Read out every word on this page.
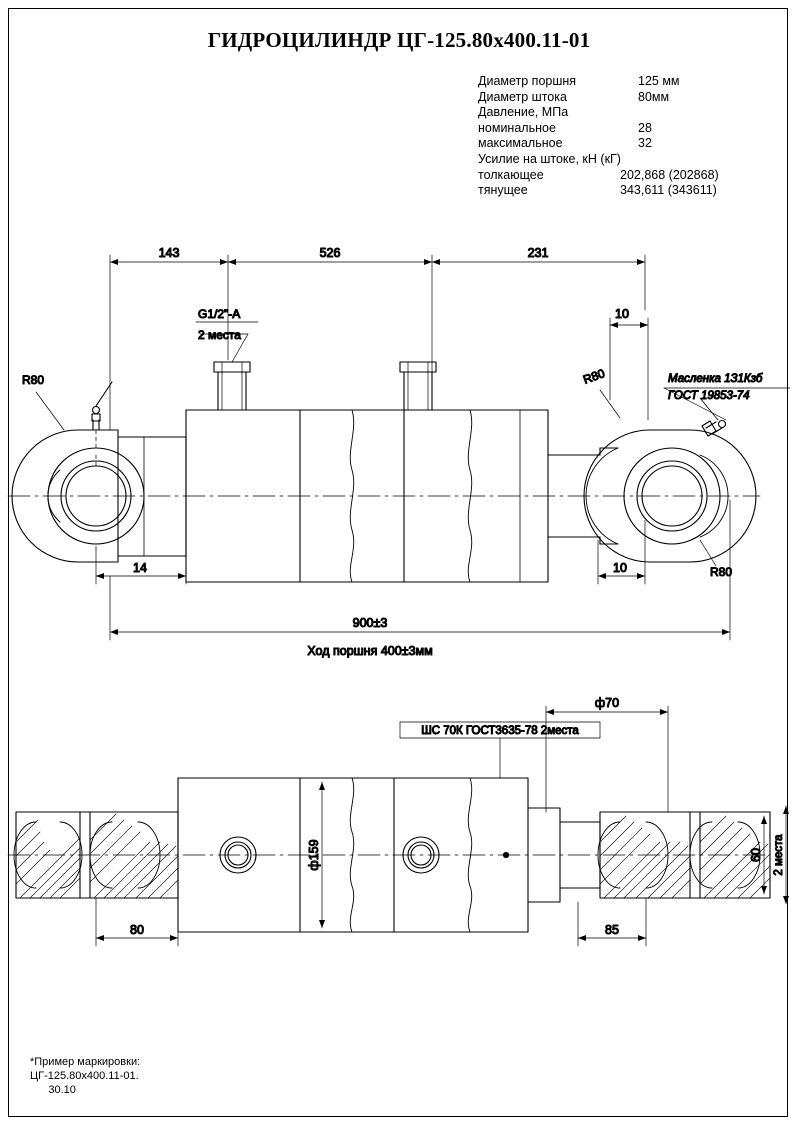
ГИДРОЦИЛИНДР ЦГ-125.80х400.11-01
Диаметр поршня	125 мм
Диаметр штока	80мм
Давление, МПа
номинальное	28
максимальное	32
Усилие на штоке, кН (кГ)
толкающее	202,868 (202868)
тянущее	343,611 (343611)
143	526	231
10
G1/2"-A
2 места
R80	R80
R80
Масленка 1З1Кзб
ГОСТ 19853-74
14	10
900±3
Ход поршня 400±3мм
ШС 70К ГОСТ3635-78 2места
ф70
ф159	60 2 места
80	85
*Пример маркировки:
ЦГ-125.80х400.11-01.
30.10
